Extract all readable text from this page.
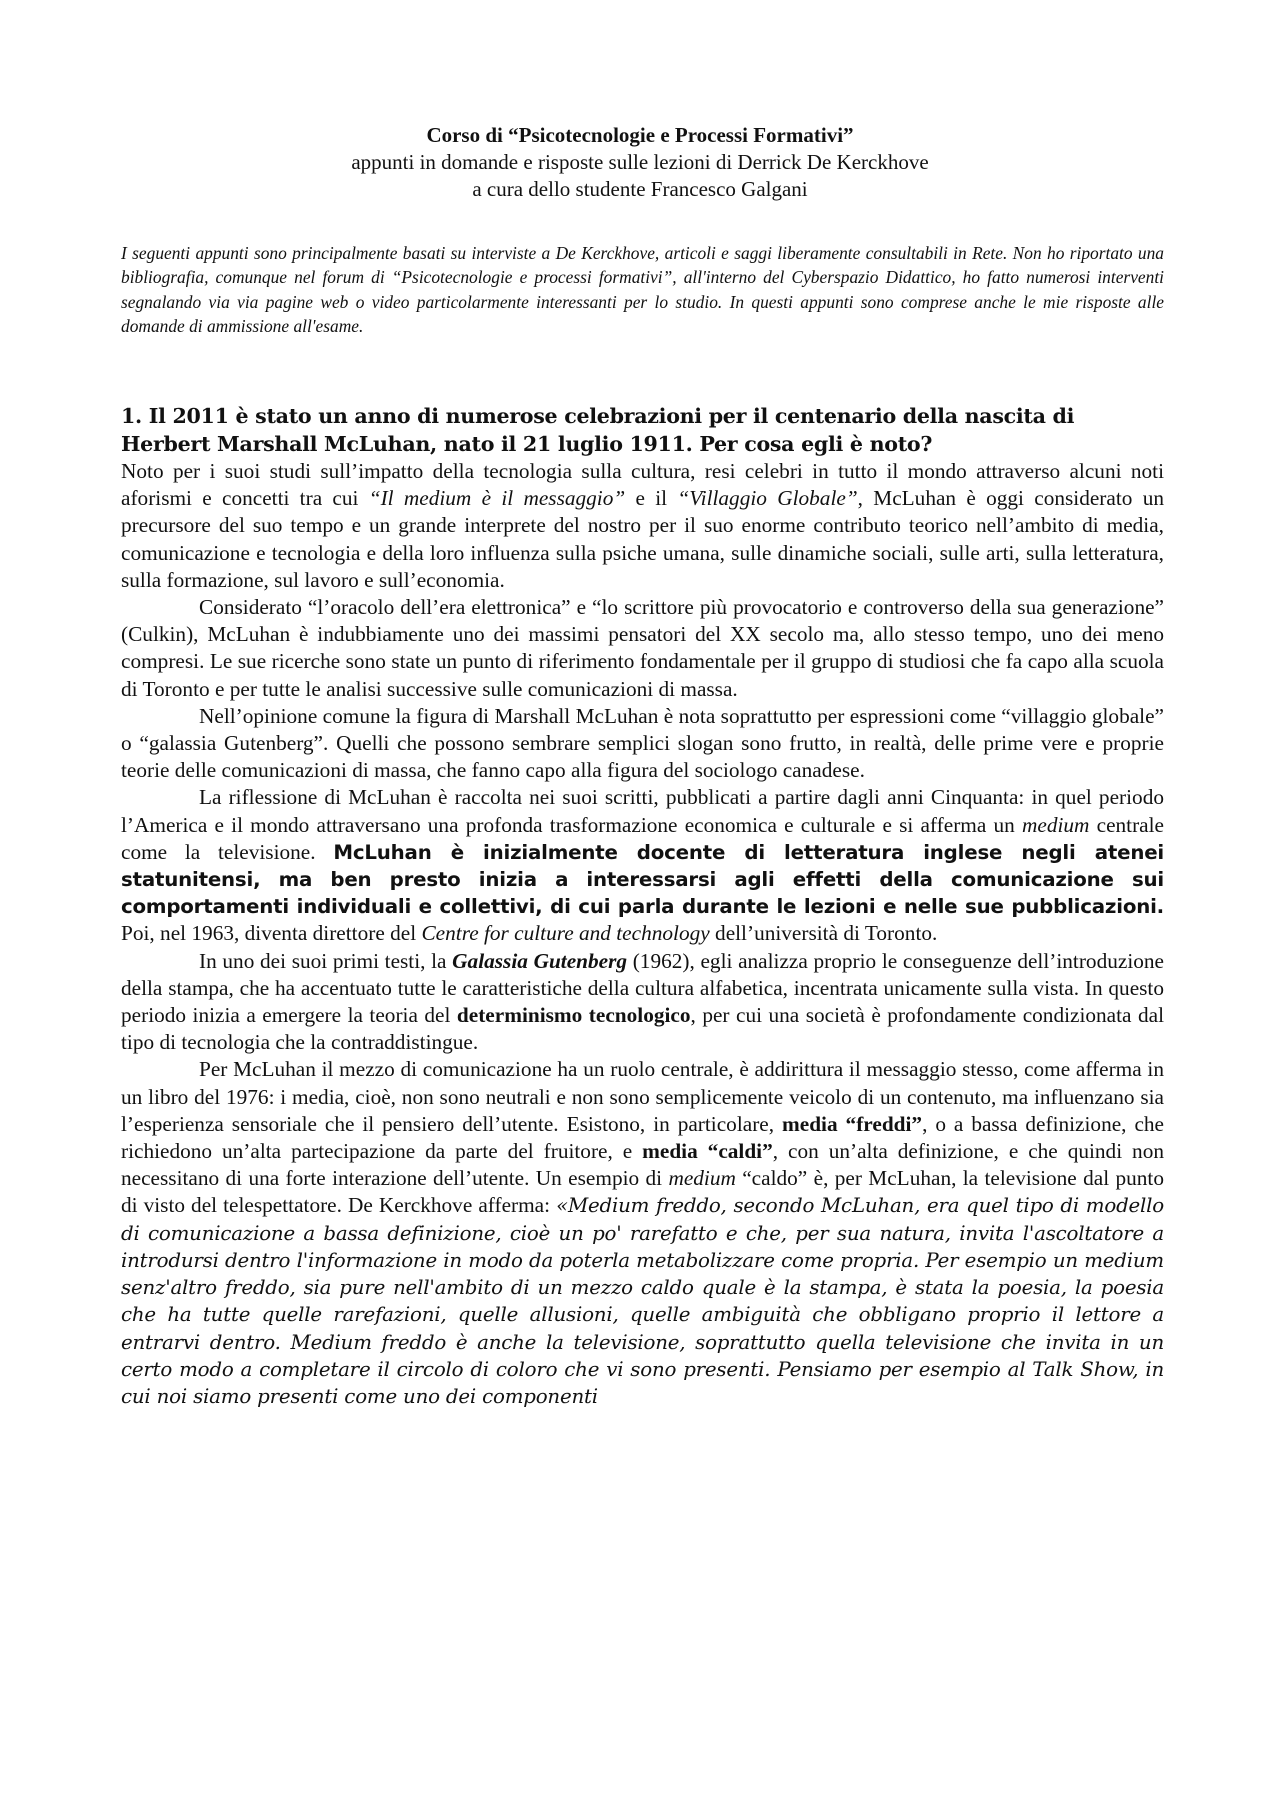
Corso di “Psicotecnologie e Processi Formativi”
appunti in domande e risposte sulle lezioni di Derrick De Kerckhove
a cura dello studente Francesco Galgani
I seguenti appunti sono principalmente basati su interviste a De Kerckhove, articoli e saggi liberamente consultabili in Rete. Non ho riportato una bibliografia, comunque nel forum di “Psicotecnologie e processi formativi”, all'interno del Cyberspazio Didattico, ho fatto numerosi interventi segnalando via via pagine web o video particolarmente interessanti per lo studio. In questi appunti sono comprese anche le mie risposte alle domande di ammissione all'esame.

1. Il 2011 è stato un anno di numerose celebrazioni per il centenario della nascita di Herbert Marshall McLuhan, nato il 21 luglio 1911. Per cosa egli è noto?

Noto per i suoi studi sull’impatto della tecnologia sulla cultura, resi celebri in tutto il mondo attraverso alcuni noti aforismi e concetti tra cui “Il medium è il messaggio” e il “Villaggio Globale”, McLuhan è oggi considerato un precursore del suo tempo e un grande interprete del nostro per il suo enorme contributo teorico nell’ambito di media, comunicazione e tecnologia e della loro influenza sulla psiche umana, sulle dinamiche sociali, sulle arti, sulla letteratura, sulla formazione, sul lavoro e sull’economia.

Considerato “l’oracolo dell’era elettronica” e “lo scrittore più provocatorio e controverso della sua generazione” (Culkin), McLuhan è indubbiamente uno dei massimi pensatori del XX secolo ma, allo stesso tempo, uno dei meno compresi. Le sue ricerche sono state un punto di riferimento fondamentale per il gruppo di studiosi che fa capo alla scuola di Toronto e per tutte le analisi successive sulle comunicazioni di massa.

Nell’opinione comune la figura di Marshall McLuhan è nota soprattutto per espressioni come “villaggio globale” o “galassia Gutenberg”. Quelli che possono sembrare semplici slogan sono frutto, in realtà, delle prime vere e proprie teorie delle comunicazioni di massa, che fanno capo alla figura del sociologo canadese.

La riflessione di McLuhan è raccolta nei suoi scritti, pubblicati a partire dagli anni Cinquanta: in quel periodo l’America e il mondo attraversano una profonda trasformazione economica e culturale e si afferma un medium centrale come la televisione. McLuhan è inizialmente docente di letteratura inglese negli atenei statunitensi, ma ben presto inizia a interessarsi agli effetti della comunicazione sui comportamenti individuali e collettivi, di cui parla durante le lezioni e nelle sue pubblicazioni. Poi, nel 1963, diventa direttore del Centre for culture and technology dell’università di Toronto.

In uno dei suoi primi testi, la Galassia Gutenberg (1962), egli analizza proprio le conseguenze dell’introduzione della stampa, che ha accentuato tutte le caratteristiche della cultura alfabetica, incentrata unicamente sulla vista. In questo periodo inizia a emergere la teoria del determinismo tecnologico, per cui una società è profondamente condizionata dal tipo di tecnologia che la contraddistingue.

Per McLuhan il mezzo di comunicazione ha un ruolo centrale, è addirittura il messaggio stesso, come afferma in un libro del 1976: i media, cioè, non sono neutrali e non sono semplicemente veicolo di un contenuto, ma influenzano sia l’esperienza sensoriale che il pensiero dell’utente. Esistono, in particolare, media “freddi”, o a bassa definizione, che richiedono un’alta partecipazione da parte del fruitore, e media “caldi”, con un’alta definizione, e che quindi non necessitano di una forte interazione dell’utente. Un esempio di medium “caldo” è, per McLuhan, la televisione dal punto di visto del telespettatore. De Kerckhove afferma: «Medium freddo, secondo McLuhan, era quel tipo di modello di comunicazione a bassa definizione, cioè un po' rarefatto e che, per sua natura, invita l'ascoltatore a introdursi dentro l'informazione in modo da poterla metabolizzare come propria. Per esempio un medium senz'altro freddo, sia pure nell'ambito di un mezzo caldo quale è la stampa, è stata la poesia, la poesia che ha tutte quelle rarefazioni, quelle allusioni, quelle ambiguità che obbligano proprio il lettore a entrarvi dentro. Medium freddo è anche la televisione, soprattutto quella televisione che invita in un certo modo a completare il circolo di coloro che vi sono presenti. Pensiamo per esempio al Talk Show, in cui noi siamo presenti come uno dei componenti
